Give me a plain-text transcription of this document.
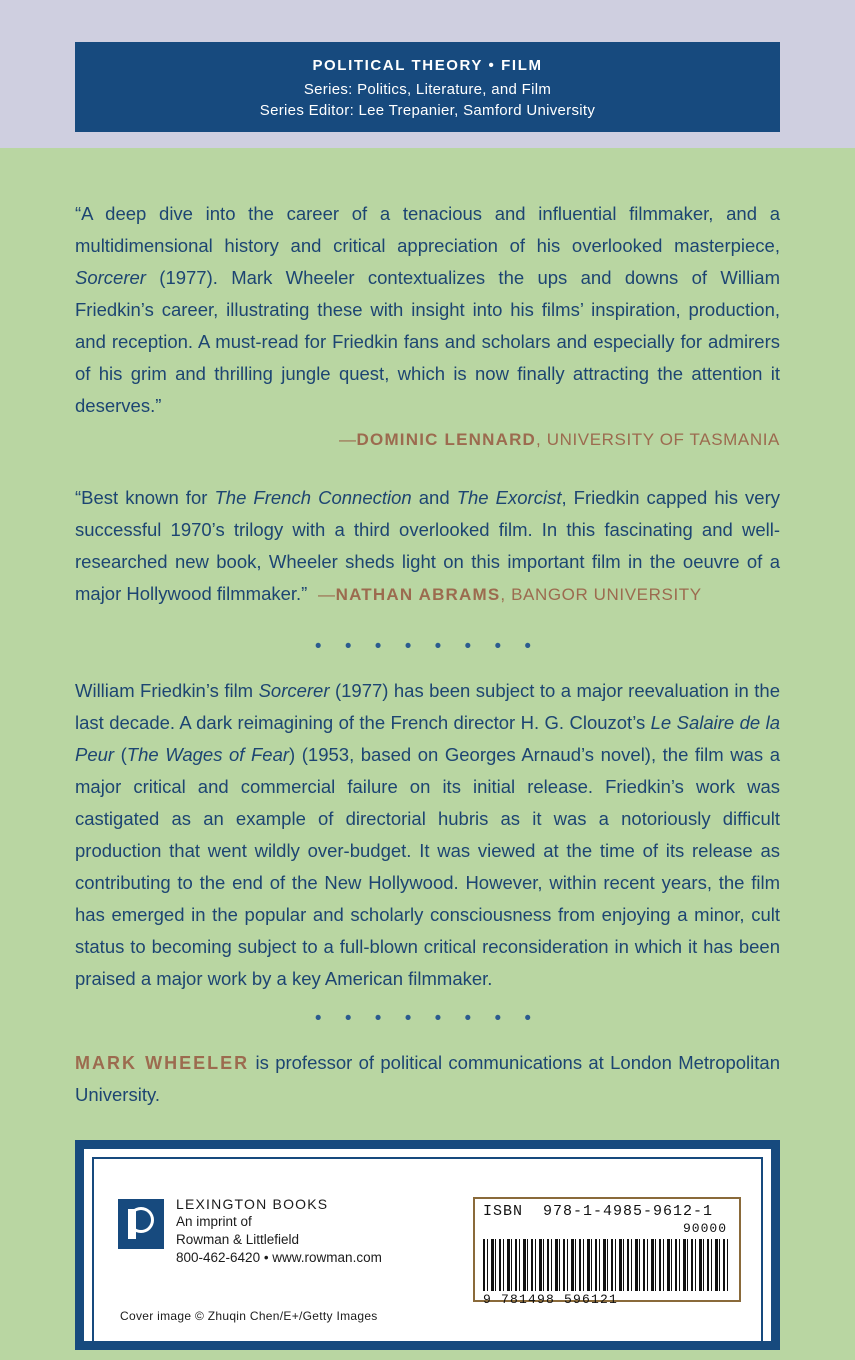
POLITICAL THEORY • FILM
Series: Politics, Literature, and Film
Series Editor: Lee Trepanier, Samford University
“A deep dive into the career of a tenacious and influential filmmaker, and a multidimensional history and critical appreciation of his overlooked masterpiece, Sorcerer (1977). Mark Wheeler contextualizes the ups and downs of William Friedkin’s career, illustrating these with insight into his films’ inspiration, production, and reception. A must-read for Friedkin fans and scholars and especially for admirers of his grim and thrilling jungle quest, which is now finally attracting the attention it deserves.”
—DOMINIC LENNARD, UNIVERSITY OF TASMANIA
“Best known for The French Connection and The Exorcist, Friedkin capped his very successful 1970’s trilogy with a third overlooked film. In this fascinating and well-researched new book, Wheeler sheds light on this important film in the oeuvre of a major Hollywood filmmaker.” —NATHAN ABRAMS, BANGOR UNIVERSITY
• • • • • • • •
William Friedkin’s film Sorcerer (1977) has been subject to a major reevaluation in the last decade. A dark reimagining of the French director H. G. Clouzot’s Le Salaire de la Peur (The Wages of Fear) (1953, based on Georges Arnaud’s novel), the film was a major critical and commercial failure on its initial release. Friedkin’s work was castigated as an example of directorial hubris as it was a notoriously difficult production that went wildly over-budget. It was viewed at the time of its release as contributing to the end of the New Hollywood. However, within recent years, the film has emerged in the popular and scholarly consciousness from enjoying a minor, cult status to becoming subject to a full-blown critical reconsideration in which it has been praised a major work by a key American filmmaker.
• • • • • • • •
MARK WHEELER is professor of political communications at London Metropolitan University.
LEXINGTON BOOKS
An imprint of
Rowman & Littlefield
800-462-6420 • www.rowman.com
Cover image © Zhuqin Chen/E+/Getty Images
ISBN 978-1-4985-9612-1
90000
9 781498 596121
